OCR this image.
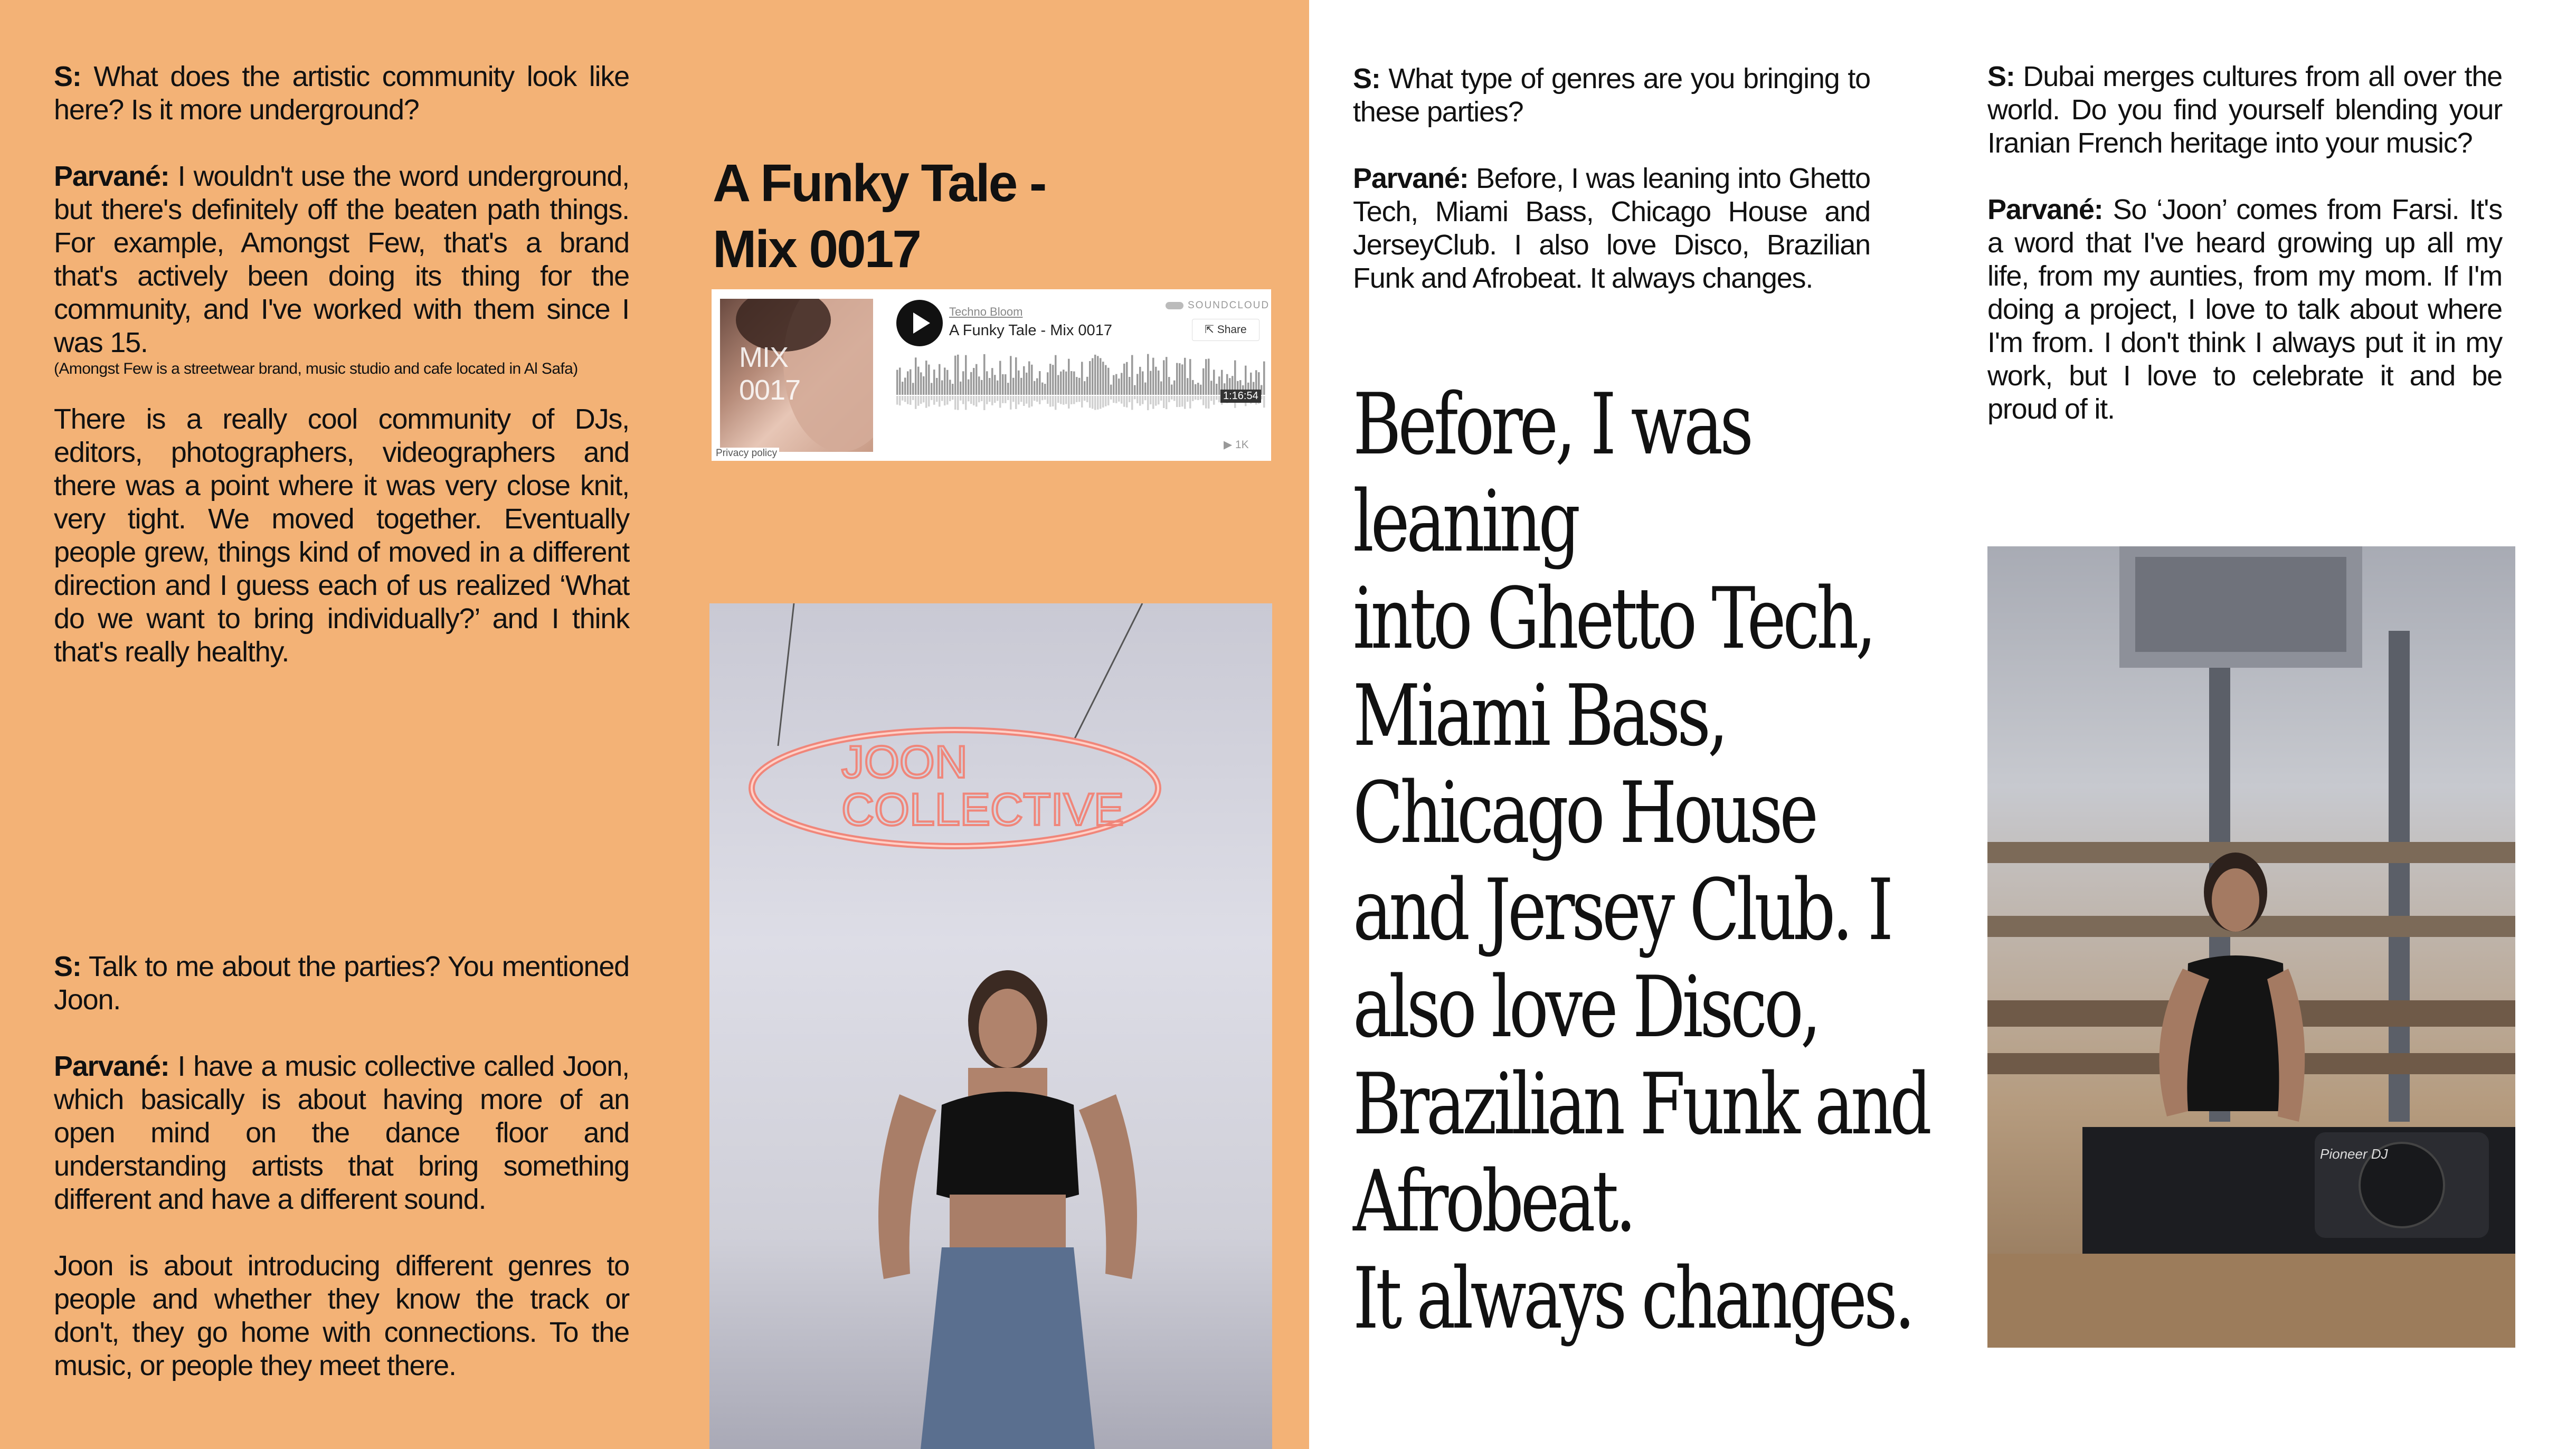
S: What does the artistic community look like here? Is it more underground?

Parvané: I wouldn't use the word underground, but there's definitely off the beaten path things. For example, Amongst Few, that's a brand that's actively been doing its thing for the community, and I've worked with them since I was 15.

(Amongst Few is a streetwear brand, music studio and cafe located in Al Safa)

There is a really cool community of DJs, editors, photographers, videographers and there was a point where it was very close knit, very tight. We moved together. Eventually people grew, things kind of moved in a different direction and I guess each of us realized ‘What do we want to bring individually?’ and I think that's really healthy.

S: Talk to me about the parties? You mentioned Joon.

Parvané: I have a music collective called Joon, which basically is about having more of an open mind on the dance floor and understanding artists that bring something different and have a different sound.

Joon is about introducing different genres to people and whether they know the track or don't, they go home with connections. To the music, or people they meet there.

A Funky Tale -
Mix 0017
MIX
0017
Privacy policy
Techno Bloom
A Funky Tale - Mix 0017
SOUNDCLOUD
⇱ Share
1:16:54
▶ 1K
JOON
COLLECTIVE

S: What type of genres are you bringing to these parties?

Parvané: Before, I was leaning into Ghetto Tech, Miami Bass, Chicago House and JerseyClub. I also love Disco, Brazilian Funk and Afrobeat. It always changes.

Before, I was
leaning
into Ghetto Tech,
Miami Bass,
Chicago House
and Jersey Club. I
also love Disco,
Brazilian Funk and
Afrobeat.
It always changes.

S: Dubai merges cultures from all over the world. Do you find yourself blending your Iranian French heritage into your music?

Parvané: So ‘Joon’ comes from Farsi. It's a word that I've heard growing up all my life, from my aunties, from my mom. If I'm doing a project, I love to talk about where I'm from. I don't think I always put it in my work, but I love to celebrate it and be proud of it.

Pioneer DJ
